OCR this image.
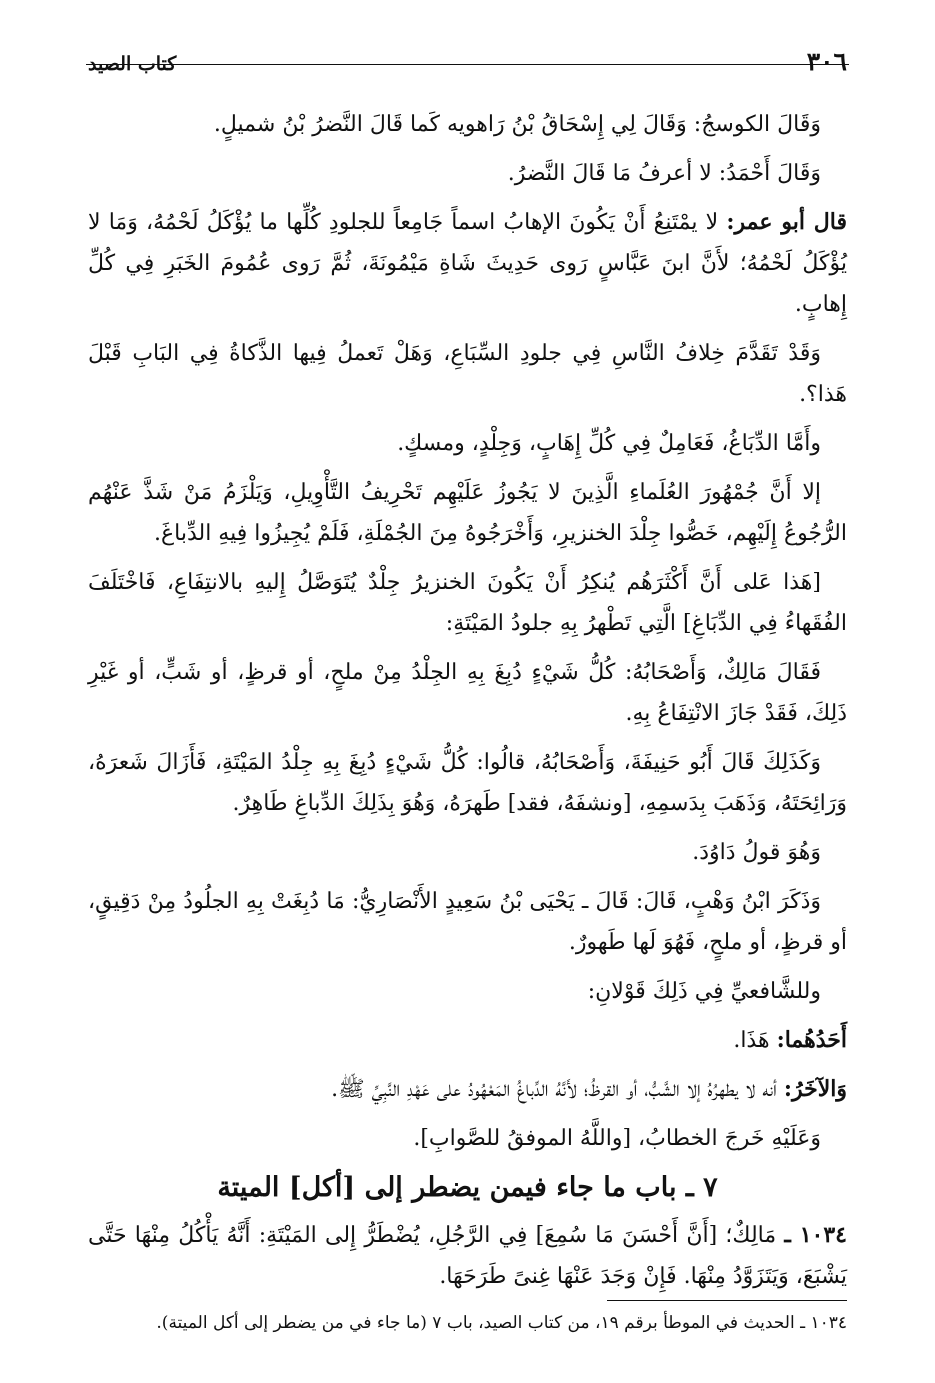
٣٠٦
كتاب الصيد

وَقَالَ الكوسجُ: وَقَالَ لِي إِسْحَاقُ بْنُ رَاهويه كَما قَالَ النَّضرُ بْنُ شميلٍ.

وَقَالَ أَحْمَدُ: لا أعرفُ مَا قَالَ النَّضرُ.

قال أبو عمر: لا يمْتَنِعُ أَنْ يَكُونَ الإهابُ اسماً جَامِعاً للجلودِ كُلِّها ما يُؤْكَلُ لَحْمُهُ، وَمَا لا يُؤْكَلُ لَحْمُهُ؛ لأَنَّ ابنَ عَبَّاسٍ رَوى حَدِيثَ شَاةِ مَيْمُونَةَ، ثُمَّ رَوى عُمُومَ الخَبَرِ فِي كُلِّ إِهابٍ.

وَقَدْ تَقَدَّمَ خِلافُ النَّاسِ فِي جلودِ السِّبَاعِ، وَهَلْ تَعملُ فِيها الذَّكاةُ فِي البَابِ قَبْلَ هَذا؟.

وأَمَّا الدِّبَاغُ، فَعَامِلٌ فِي كُلِّ إِهَابٍ، وَجِلْدٍ، ومسكٍ.

إلا أَنَّ جُمْهُورَ العُلَماءِ الَّذِينَ لا يَجُوزُ عَلَيْهِم تَحْرِيفُ التَّأْوِيلِ، وَيَلْزَمُ مَنْ شَذَّ عَنْهُم الرُّجُوعُ إِلَيْهِم، خَصُّوا جِلْدَ الخنزيرِ، وَأَخْرَجُوهُ مِنَ الجُمْلَةِ، فَلَمْ يُجِيزُوا فِيهِ الدِّباغَ.

[هَذا عَلى أَنَّ أَكْثَرَهُم يُنكِرُ أَنْ يَكُونَ الخنزيرُ جِلْدٌ يُتَوَصَّلُ إِليهِ بالانتِفَاعِ، فَاخْتَلَفَ الفُقَهاءُ فِي الدِّبَاغِ] الَّتِي تَطْهرُ بِهِ جلودُ المَيْتَةِ:

فَقَالَ مَالِكٌ، وَأَصْحَابُهُ: كُلُّ شَيْءٍ دُبِغَ بِهِ الجِلْدُ مِنْ ملحٍ، أو قرظٍ، أو شَبٍّ، أو غَيْرِ ذَلِكَ، فَقَدْ جَازَ الانْتِفَاعُ بِهِ.

وَكَذَلِكَ قَالَ أَبُو حَنِيفَةَ، وَأَصْحَابُهُ، قالُوا: كُلُّ شَيْءٍ دُبِغَ بِهِ جِلْدُ المَيْتَةِ، فَأَزَالَ شَعرَهُ، وَرَائِحَتَهُ، وَذَهَبَ بِدَسمِهِ، [ونشفَهُ، فقد] طَهرَهُ، وَهُوَ بِذَلِكَ الدِّباغِ طَاهِرٌ.

وَهُوَ قولُ دَاوُدَ.

وَذَكَرَ ابْنُ وَهْبٍ، قَالَ: قَالَ ـ يَحْيَى بْنُ سَعِيدٍ الأَنْصَارِيُّ: مَا دُبِغَتْ بِهِ الجلُودُ مِنْ دَقِيقٍ، أو قرظٍ، أو ملحٍ، فَهُوَ لَها طَهورٌ.

وللشَّافعيِّ فِي ذَلِكَ قَوْلانِ:

أَحَدُهُما: هَذَا.

وَالآخَرُ: أنه لا يطهرُهُ إلا الشَّبُّ، أو القرظُ؛ لأَنَّهُ الدِّباغُ المَعْهُودُ على عَهْدِ النَّبِيِّ ﷺ.

وَعَلَيْهِ خَرجَ الخطابُ، [واللَّهُ الموفقُ للصَّوابِ].

٧ ـ باب ما جاء فيمن يضطر إلى [أكل] الميتة

١٠٣٤ ـ مَالِكٌ؛ [أَنَّ أَحْسَنَ مَا سُمِعَ] فِي الرَّجُلِ، يُضْطَرُّ إِلى المَيْتَةِ: أَنَّهُ يَأْكُلُ مِنْهَا حَتَّى يَشْبَعَ، وَيَتَزَوَّدُ مِنْهَا. فَإِنْ وَجَدَ عَنْهَا غِنىً طَرَحَهَا.

١٠٣٤ ـ الحديث في الموطأ برقم ١٩، من كتاب الصيد، باب ٧ (ما جاء في من يضطر إلى أكل الميتة).
